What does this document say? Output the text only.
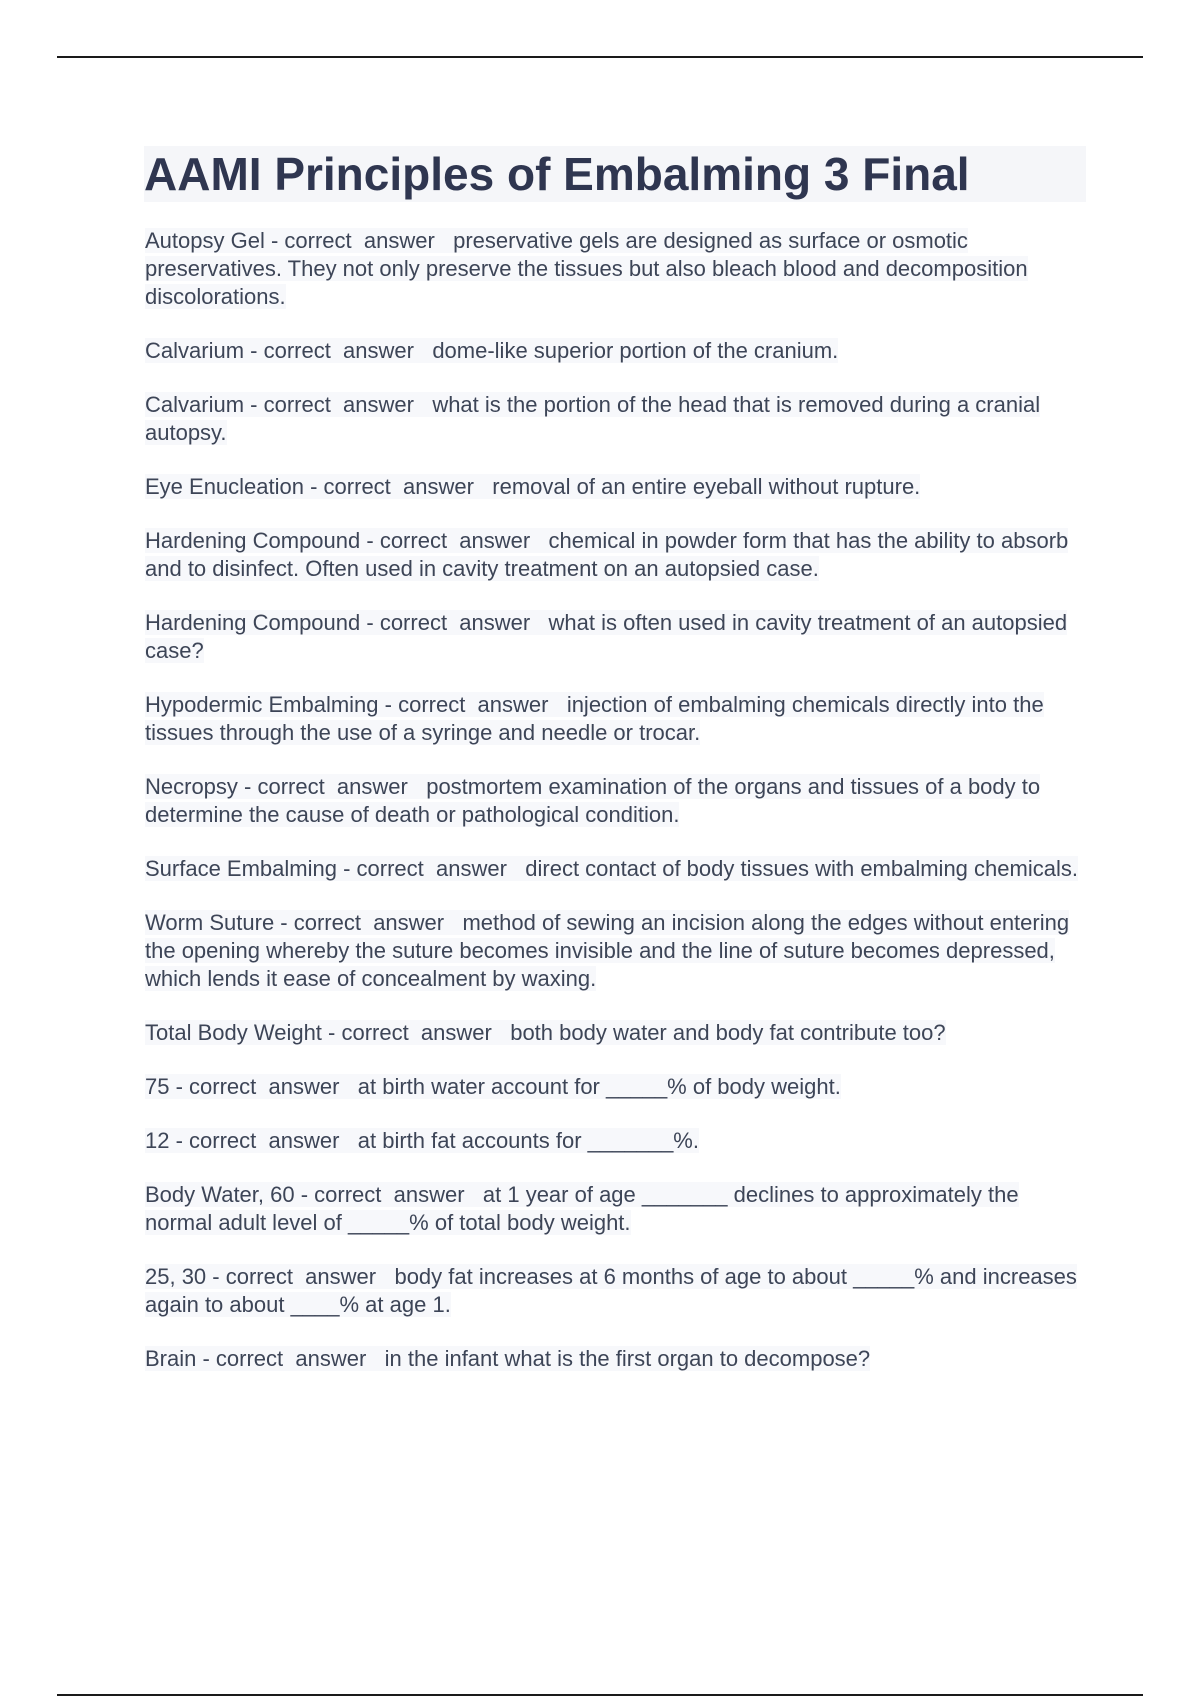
AAMI Principles of Embalming 3 Final

Autopsy Gel - correct  answer   preservative gels are designed as surface or osmotic preservatives. They not only preserve the tissues but also bleach blood and decomposition discolorations.

Calvarium - correct  answer   dome-like superior portion of the cranium.

Calvarium - correct  answer   what is the portion of the head that is removed during a cranial autopsy.

Eye Enucleation - correct  answer   removal of an entire eyeball without rupture.

Hardening Compound - correct  answer   chemical in powder form that has the ability to absorb and to disinfect. Often used in cavity treatment on an autopsied case.

Hardening Compound - correct  answer   what is often used in cavity treatment of an autopsied case?

Hypodermic Embalming - correct  answer   injection of embalming chemicals directly into the tissues through the use of a syringe and needle or trocar.

Necropsy - correct  answer   postmortem examination of the organs and tissues of a body to determine the cause of death or pathological condition.

Surface Embalming - correct  answer   direct contact of body tissues with embalming chemicals.

Worm Suture - correct  answer   method of sewing an incision along the edges without entering the opening whereby the suture becomes invisible and the line of suture becomes depressed, which lends it ease of concealment by waxing.

Total Body Weight - correct  answer   both body water and body fat contribute too?

75 - correct  answer   at birth water account for _____% of body weight.

12 - correct  answer   at birth fat accounts for _______%.

Body Water, 60 - correct  answer   at 1 year of age _______ declines to approximately the normal adult level of _____% of total body weight.

25, 30 - correct  answer   body fat increases at 6 months of age to about _____% and increases again to about ____% at age 1.

Brain - correct  answer   in the infant what is the first organ to decompose?
